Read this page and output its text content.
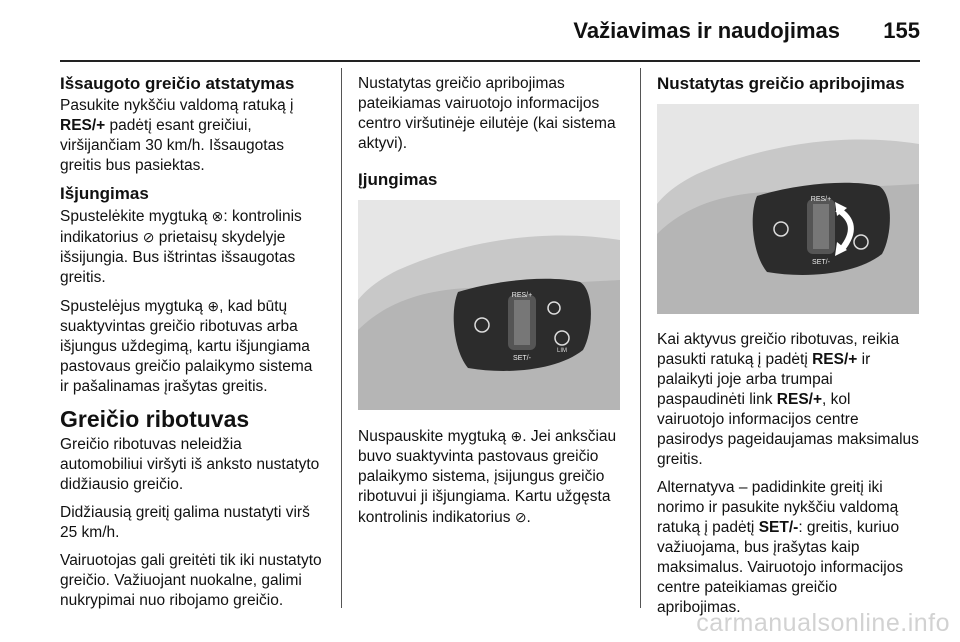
Važiavimas ir naudojimas 155
Išsaugoto greičio atstatymas

Pasukite nykščiu valdomą ratuką į RES/+ padėtį esant greičiui, viršijančiam 30 km/h. Išsaugotas greitis bus pasiektas.

Išjungimas

Spustelėkite mygtuką ⊗: kontrolinis indikatorius ⊘ prietaisų skydelyje išsijungia. Bus ištrintas išsaugotas greitis.

Spustelėjus mygtuką ⊕, kad būtų suaktyvintas greičio ribotuvas arba išjungus uždegimą, kartu išjungiama pastovaus greičio palaikymo sistema ir pašalinamas įrašytas greitis.

Greičio ribotuvas

Greičio ribotuvas neleidžia automobiliui viršyti iš anksto nustatyto didžiausio greičio.

Didžiausią greitį galima nustatyti virš 25 km/h.

Vairuotojas gali greitėti tik iki nustatyto greičio. Važiuojant nuokalne, galimi nukrypimai nuo ribojamo greičio.

Nustatytas greičio apribojimas pateikiamas vairuotojo informacijos centro viršutinėje eilutėje (kai sistema aktyvi).

Įjungimas
RES/+
SET/-
LIM

Nuspauskite mygtuką ⊕. Jei anksčiau buvo suaktyvinta pastovaus greičio palaikymo sistema, įsijungus greičio ribotuvui ji išjungiama. Kartu užgęsta kontrolinis indikatorius ⊘.

Nustatytas greičio apribojimas
RES/+
SET/-

Kai aktyvus greičio ribotuvas, reikia pasukti ratuką į padėtį RES/+ ir palaikyti joje arba trumpai paspaudinėti link RES/+, kol vairuotojo informacijos centre pasirodys pageidaujamas maksimalus greitis.

Alternatyva – padidinkite greitį iki norimo ir pasukite nykščiu valdomą ratuką į padėtį SET/-: greitis, kuriuo važiuojama, bus įrašytas kaip maksimalus. Vairuotojo informacijos centre pateikiamas greičio apribojimas.

carmanualsonline.info
